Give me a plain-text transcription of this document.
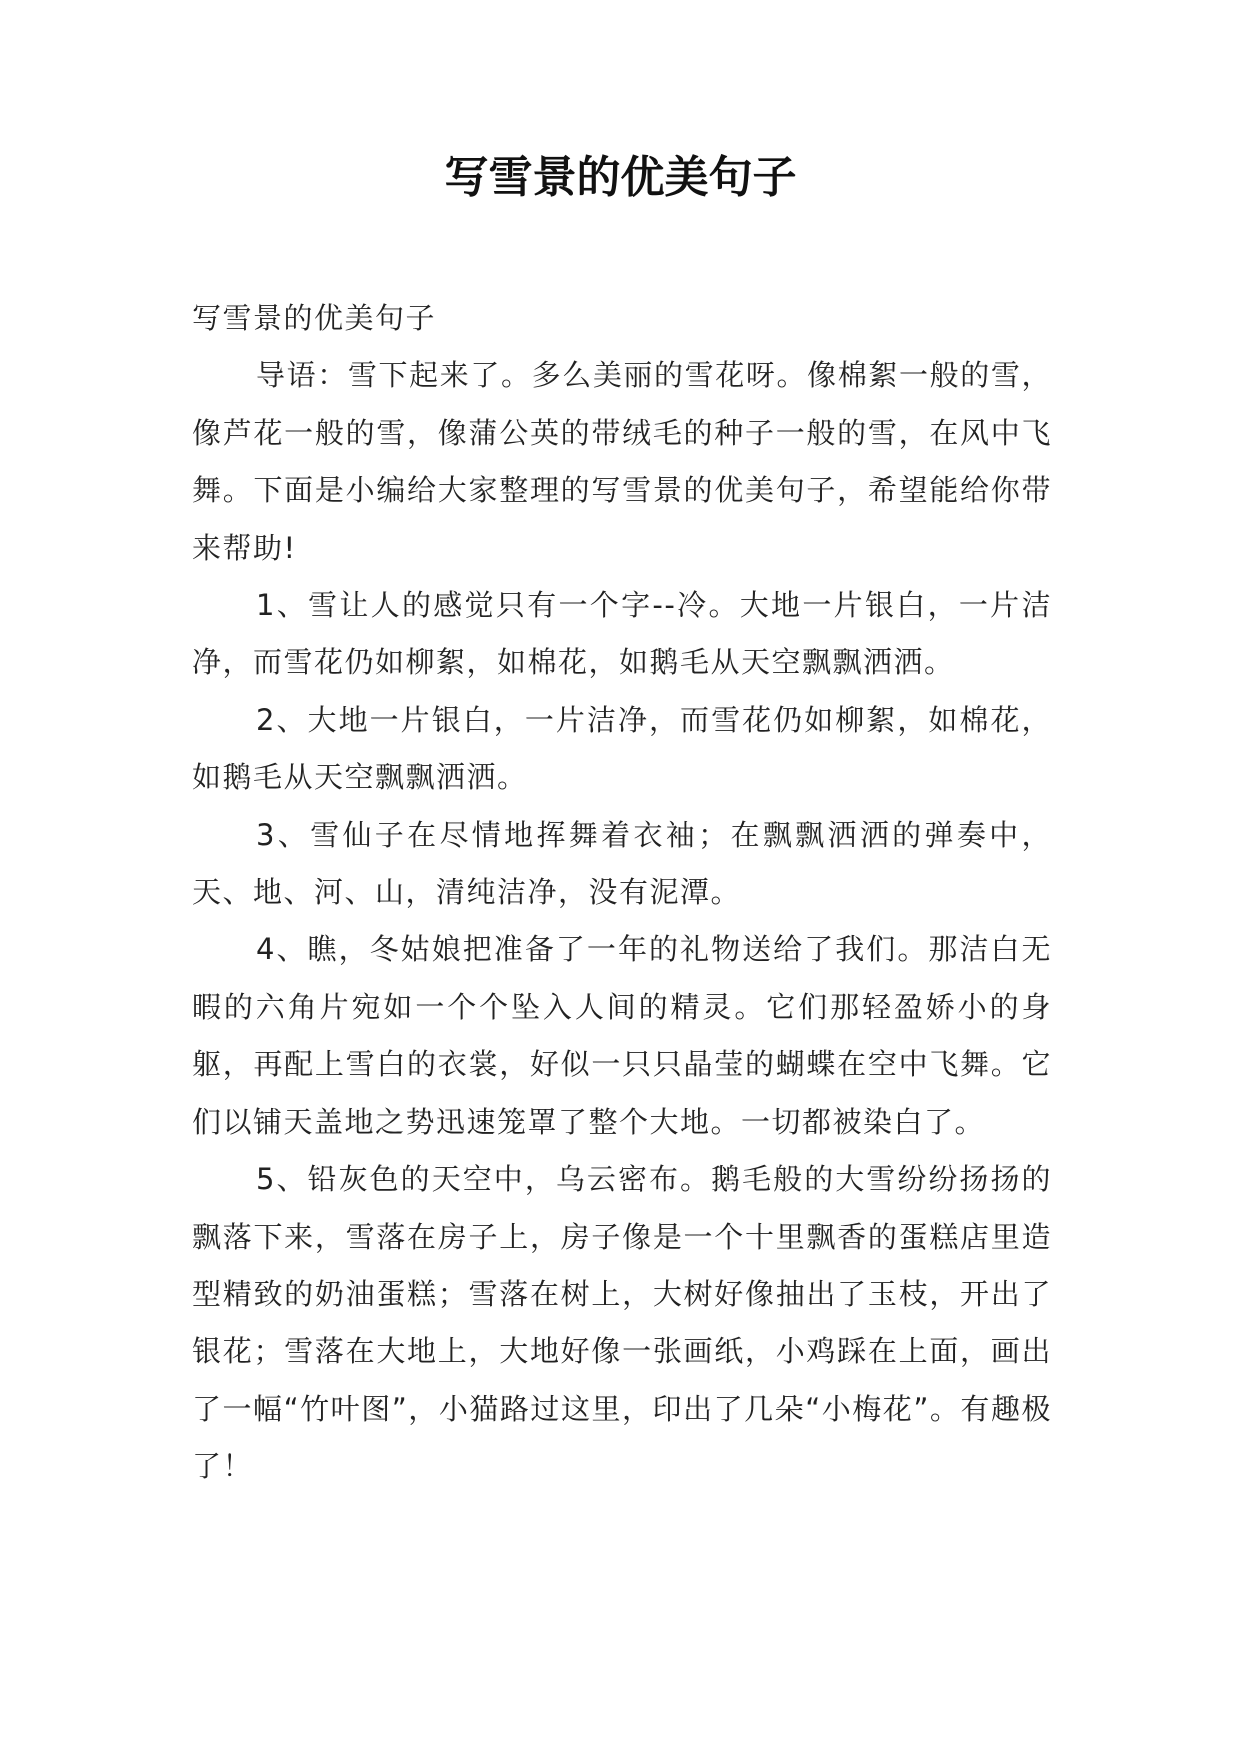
写雪景的优美句子

写雪景的优美句子

导语：雪下起来了。多么美丽的雪花呀。像棉絮一般的雪，像芦花一般的雪，像蒲公英的带绒毛的种子一般的雪，在风中飞舞。下面是小编给大家整理的写雪景的优美句子，希望能给你带来帮助!

1、雪让人的感觉只有一个字--冷。大地一片银白，一片洁净，而雪花仍如柳絮，如棉花，如鹅毛从天空飘飘洒洒。

2、大地一片银白，一片洁净，而雪花仍如柳絮，如棉花，如鹅毛从天空飘飘洒洒。

3、雪仙子在尽情地挥舞着衣袖；在飘飘洒洒的弹奏中，天、地、河、山，清纯洁净，没有泥潭。

4、瞧，冬姑娘把准备了一年的礼物送给了我们。那洁白无暇的六角片宛如一个个坠入人间的精灵。它们那轻盈娇小的身躯，再配上雪白的衣裳，好似一只只晶莹的蝴蝶在空中飞舞。它们以铺天盖地之势迅速笼罩了整个大地。一切都被染白了。

5、铅灰色的天空中，乌云密布。鹅毛般的大雪纷纷扬扬的飘落下来，雪落在房子上，房子像是一个十里飘香的蛋糕店里造型精致的奶油蛋糕；雪落在树上，大树好像抽出了玉枝，开出了银花；雪落在大地上，大地好像一张画纸，小鸡踩在上面，画出了一幅“竹叶图”，小猫路过这里，印出了几朵“小梅花”。有趣极了！
